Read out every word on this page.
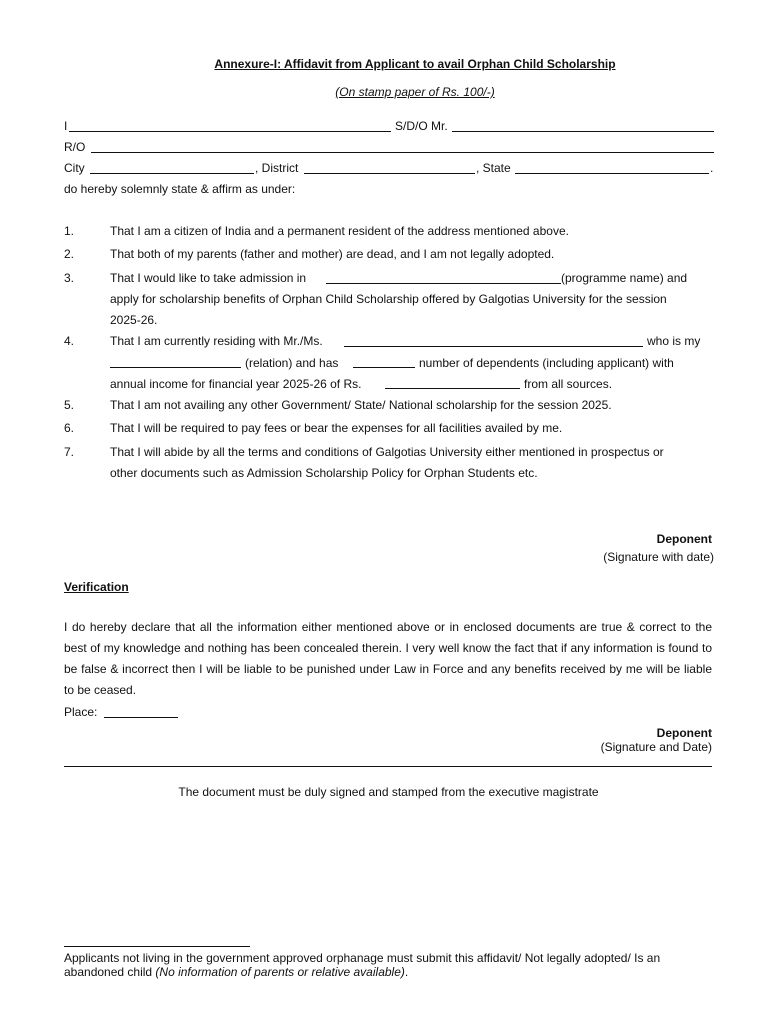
Annexure-I: Affidavit from Applicant to avail Orphan Child Scholarship
(On stamp paper of Rs. 100/-)
I	S/D/O Mr.
R/O
City	, District	, State	.
do hereby solemnly state & affirm as under:
1.	That I am a citizen of India and a permanent resident of the address mentioned above.
2.	That both of my parents (father and mother) are dead, and I am not legally adopted.
3.	That I would like to take admission in	(programme name) and
apply for scholarship benefits of Orphan Child Scholarship offered by Galgotias University for the session
2025-26.
4.	That I am currently residing with Mr./Ms.	who is my
(relation) and has	number of dependents (including applicant) with
annual income for financial year 2025-26 of Rs.	from all sources.
5.	That I am not availing any other Government/ State/ National scholarship for the session 2025.
6.	That I will be required to pay fees or bear the expenses for all facilities availed by me.
7.	That I will abide by all the terms and conditions of Galgotias University either mentioned in prospectus or
other documents such as Admission Scholarship Policy for Orphan Students etc.
Deponent
(Signature with date)
Verification
I do hereby declare that all the information either mentioned above or in enclosed documents are true & correct to the best of my knowledge and nothing has been concealed therein. I very well know the fact that if any information is found to be false & incorrect then I will be liable to be punished under Law in Force and any benefits received by me will be liable to be ceased.
Place:
Deponent
(Signature and Date)
The document must be duly signed and stamped from the executive magistrate
Applicants not living in the government approved orphanage must submit this affidavit/ Not legally adopted/ Is an abandoned child (No information of parents or relative available).
